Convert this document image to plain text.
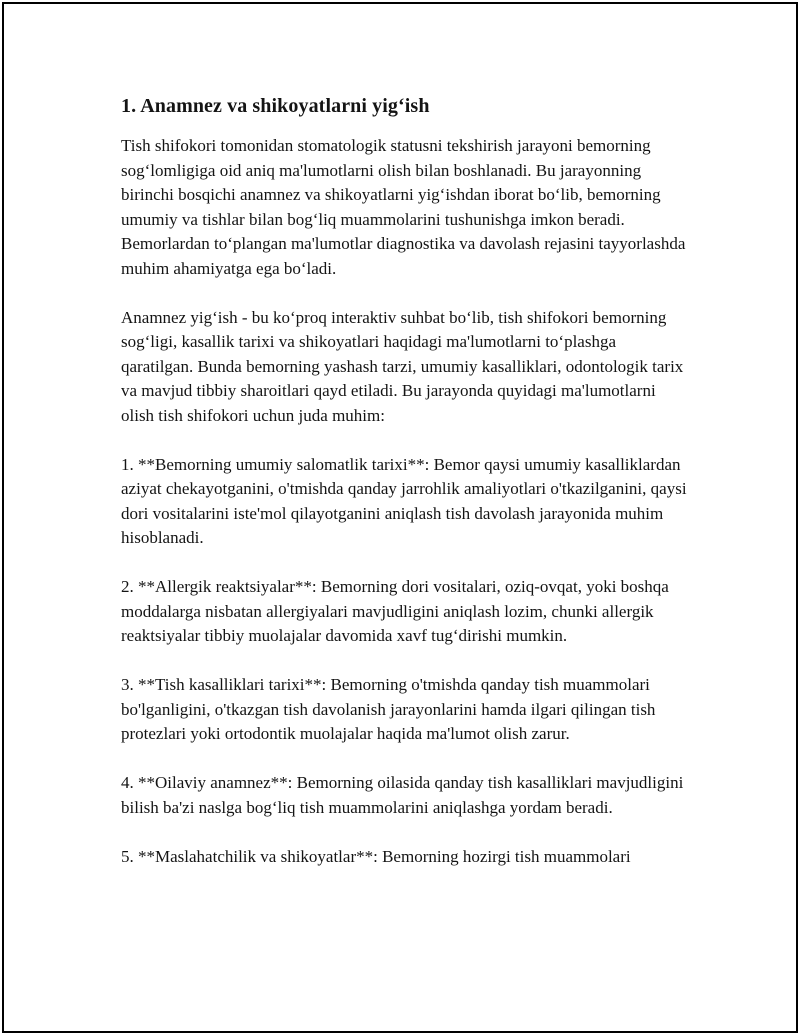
1. Anamnez va shikoyatlarni yig‘ish

Tish shifokori tomonidan stomatologik statusni tekshirish jarayoni bemorning sog‘lomligiga oid aniq ma'lumotlarni olish bilan boshlanadi. Bu jarayonning birinchi bosqichi anamnez va shikoyatlarni yig‘ishdan iborat bo‘lib, bemorning umumiy va tishlar bilan bog‘liq muammolarini tushunishga imkon beradi. Bemorlardan to‘plangan ma'lumotlar diagnostika va davolash rejasini tayyorlashda muhim ahamiyatga ega bo‘ladi.

Anamnez yig‘ish - bu ko‘proq interaktiv suhbat bo‘lib, tish shifokori bemorning sog‘ligi, kasallik tarixi va shikoyatlari haqidagi ma'lumotlarni to‘plashga qaratilgan. Bunda bemorning yashash tarzi, umumiy kasalliklari, odontologik tarix va mavjud tibbiy sharoitlari qayd etiladi. Bu jarayonda quyidagi ma'lumotlarni olish tish shifokori uchun juda muhim:

1. **Bemorning umumiy salomatlik tarixi**: Bemor qaysi umumiy kasalliklardan aziyat chekayotganini, o'tmishda qanday jarrohlik amaliyotlari o'tkazilganini, qaysi dori vositalarini iste'mol qilayotganini aniqlash tish davolash jarayonida muhim hisoblanadi.

2. **Allergik reaktsiyalar**: Bemorning dori vositalari, oziq-ovqat, yoki boshqa moddalarga nisbatan allergiyalari mavjudligini aniqlash lozim, chunki allergik reaktsiyalar tibbiy muolajalar davomida xavf tug‘dirishi mumkin.

3. **Tish kasalliklari tarixi**: Bemorning o'tmishda qanday tish muammolari bo'lganligini, o'tkazgan tish davolanish jarayonlarini hamda ilgari qilingan tish protezlari yoki ortodontik muolajalar haqida ma'lumot olish zarur.

4. **Oilaviy anamnez**: Bemorning oilasida qanday tish kasalliklari mavjudligini bilish ba'zi naslga bog‘liq tish muammolarini aniqlashga yordam beradi.

5. **Maslahatchilik va shikoyatlar**: Bemorning hozirgi tish muammolari
